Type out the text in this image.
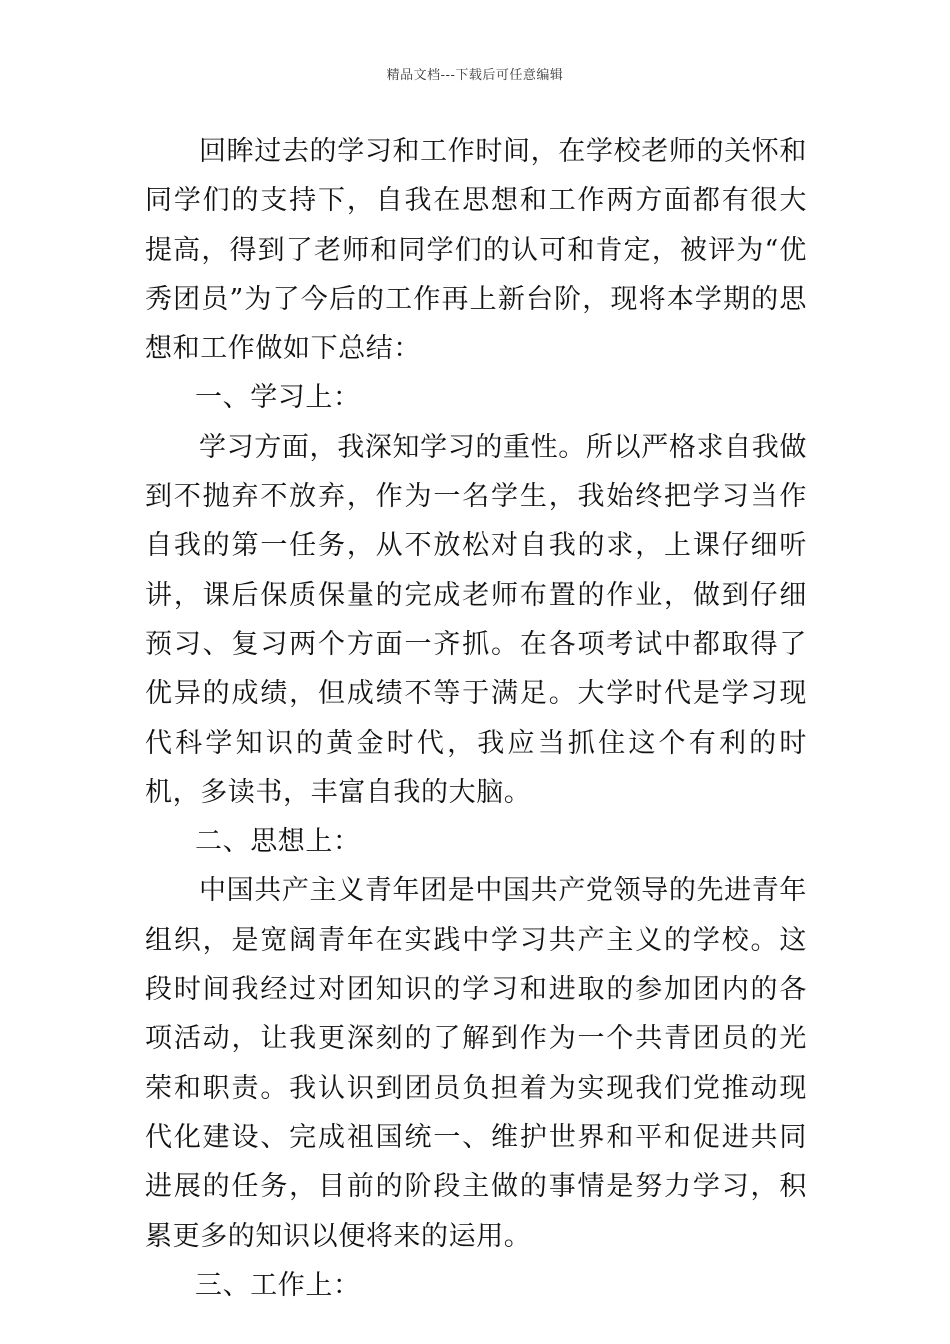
精品文档---下载后可任意编辑

回眸过去的学习和工作时间，在学校老师的关怀和同学们的支持下，自我在思想和工作两方面都有很大提高，得到了老师和同学们的认可和肯定，被评为“优秀团员”为了今后的工作再上新台阶，现将本学期的思想和工作做如下总结：

一、学习上：

学习方面，我深知学习的重性。所以严格求自我做到不抛弃不放弃，作为一名学生，我始终把学习当作自我的第一任务，从不放松对自我的求，上课仔细听讲，课后保质保量的完成老师布置的作业，做到仔细预习、复习两个方面一齐抓。在各项考试中都取得了优异的成绩，但成绩不等于满足。大学时代是学习现代科学知识的黄金时代，我应当抓住这个有利的时机，多读书，丰富自我的大脑。

二、思想上：

中国共产主义青年团是中国共产党领导的先进青年组织，是宽阔青年在实践中学习共产主义的学校。这段时间我经过对团知识的学习和进取的参加团内的各项活动，让我更深刻的了解到作为一个共青团员的光荣和职责。我认识到团员负担着为实现我们党推动现代化建设、完成祖国统一、维护世界和平和促进共同进展的任务，目前的阶段主做的事情是努力学习，积累更多的知识以便将来的运用。

三、工作上：
